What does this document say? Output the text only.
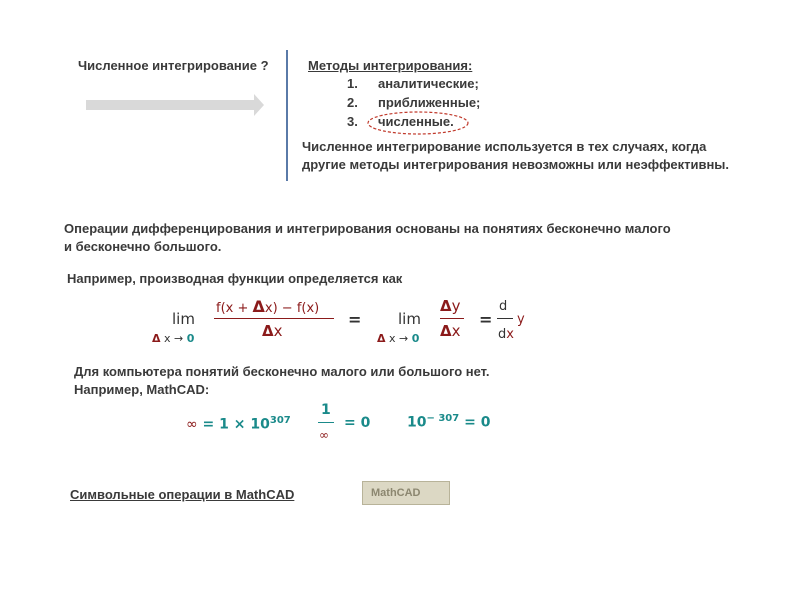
Численное интегрирование ?	Методы интегрирования:
1. аналитические;
2. приближенные;
3. численные.
Численное интегрирование используется в тех случаях, когда
другие методы интегрирования невозможны или неэффективны.
Операции дифференцирования и интегрирования основаны на понятиях бесконечно малого
и бесконечно большого.
Например, производная функции определяется как
lim
Δ x → 0
f(x + Δx) − f(x)
Δx
= lim
Δ x → 0
Δy
Δx
=
d
dx
y
Для компьютера понятий бесконечно малого или большого нет.
Например, MathCAD:
∞ = $1 \times 10^{307}$
1
∞
= 0	$10^{- 307} = 0$
Символьные операции в MathCAD	MathCAD
